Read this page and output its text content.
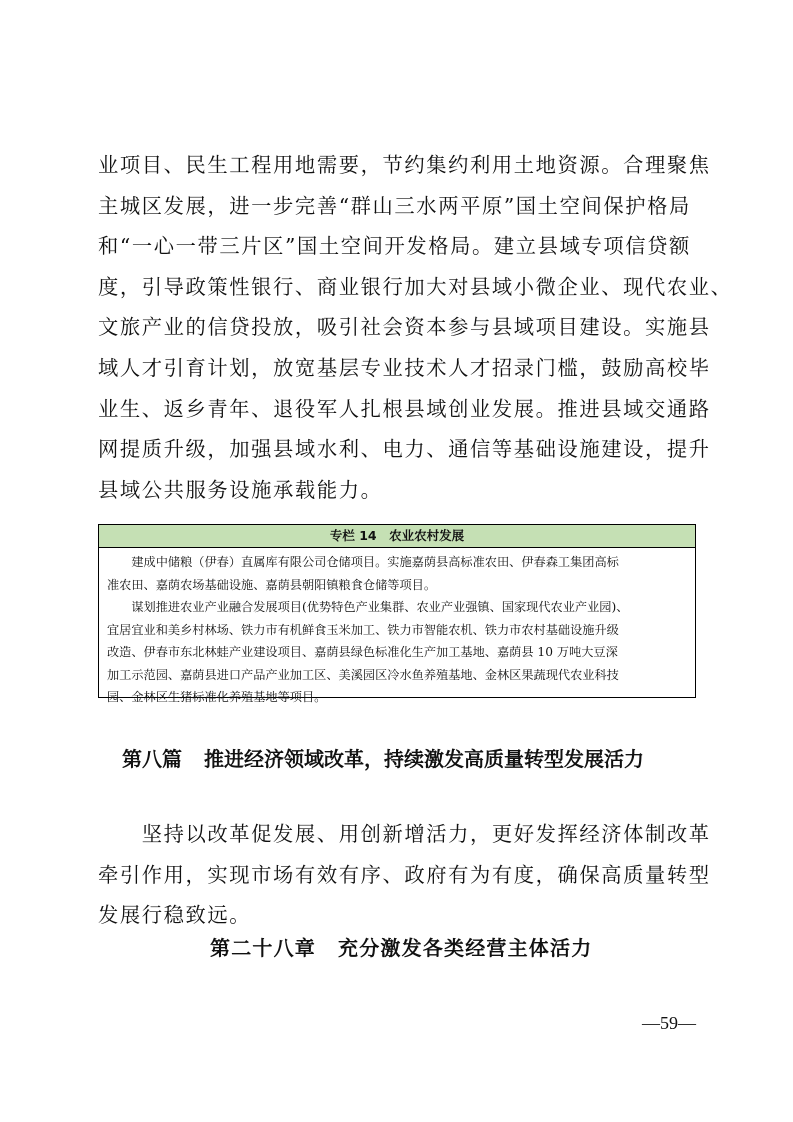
业项目、民生工程用地需要，节约集约利用土地资源。合理聚焦
主城区发展，进一步完善“群山三水两平原”国土空间保护格局
和“一心一带三片区”国土空间开发格局。建立县域专项信贷额
度，引导政策性银行、商业银行加大对县域小微企业、现代农业、
文旅产业的信贷投放，吸引社会资本参与县域项目建设。实施县
域人才引育计划，放宽基层专业技术人才招录门槛，鼓励高校毕
业生、返乡青年、退役军人扎根县域创业发展。推进县域交通路
网提质升级，加强县域水利、电力、通信等基础设施建设，提升
县域公共服务设施承载能力。
专栏 14　农业农村发展
　　建成中储粮（伊春）直属库有限公司仓储项目。实施嘉荫县高标准农田、伊春森工集团高标
准农田、嘉荫农场基础设施、嘉荫县朝阳镇粮食仓储等项目。
　　谋划推进农业产业融合发展项目(优势特色产业集群、农业产业强镇、国家现代农业产业园)、
宜居宜业和美乡村林场、铁力市有机鲜食玉米加工、铁力市智能农机、铁力市农村基础设施升级
改造、伊春市东北林蛙产业建设项目、嘉荫县绿色标准化生产加工基地、嘉荫县 10 万吨大豆深
加工示范园、嘉荫县进口产品产业加工区、美溪园区冷水鱼养殖基地、金林区果蔬现代农业科技
园、金林区生猪标准化养殖基地等项目。
第八篇 推进经济领域改革，持续激发高质量转型发展活力
　　坚持以改革促发展、用创新增活力，更好发挥经济体制改革
牵引作用，实现市场有效有序、政府有为有度，确保高质量转型
发展行稳致远。
第二十八章 充分激发各类经营主体活力
—59—
